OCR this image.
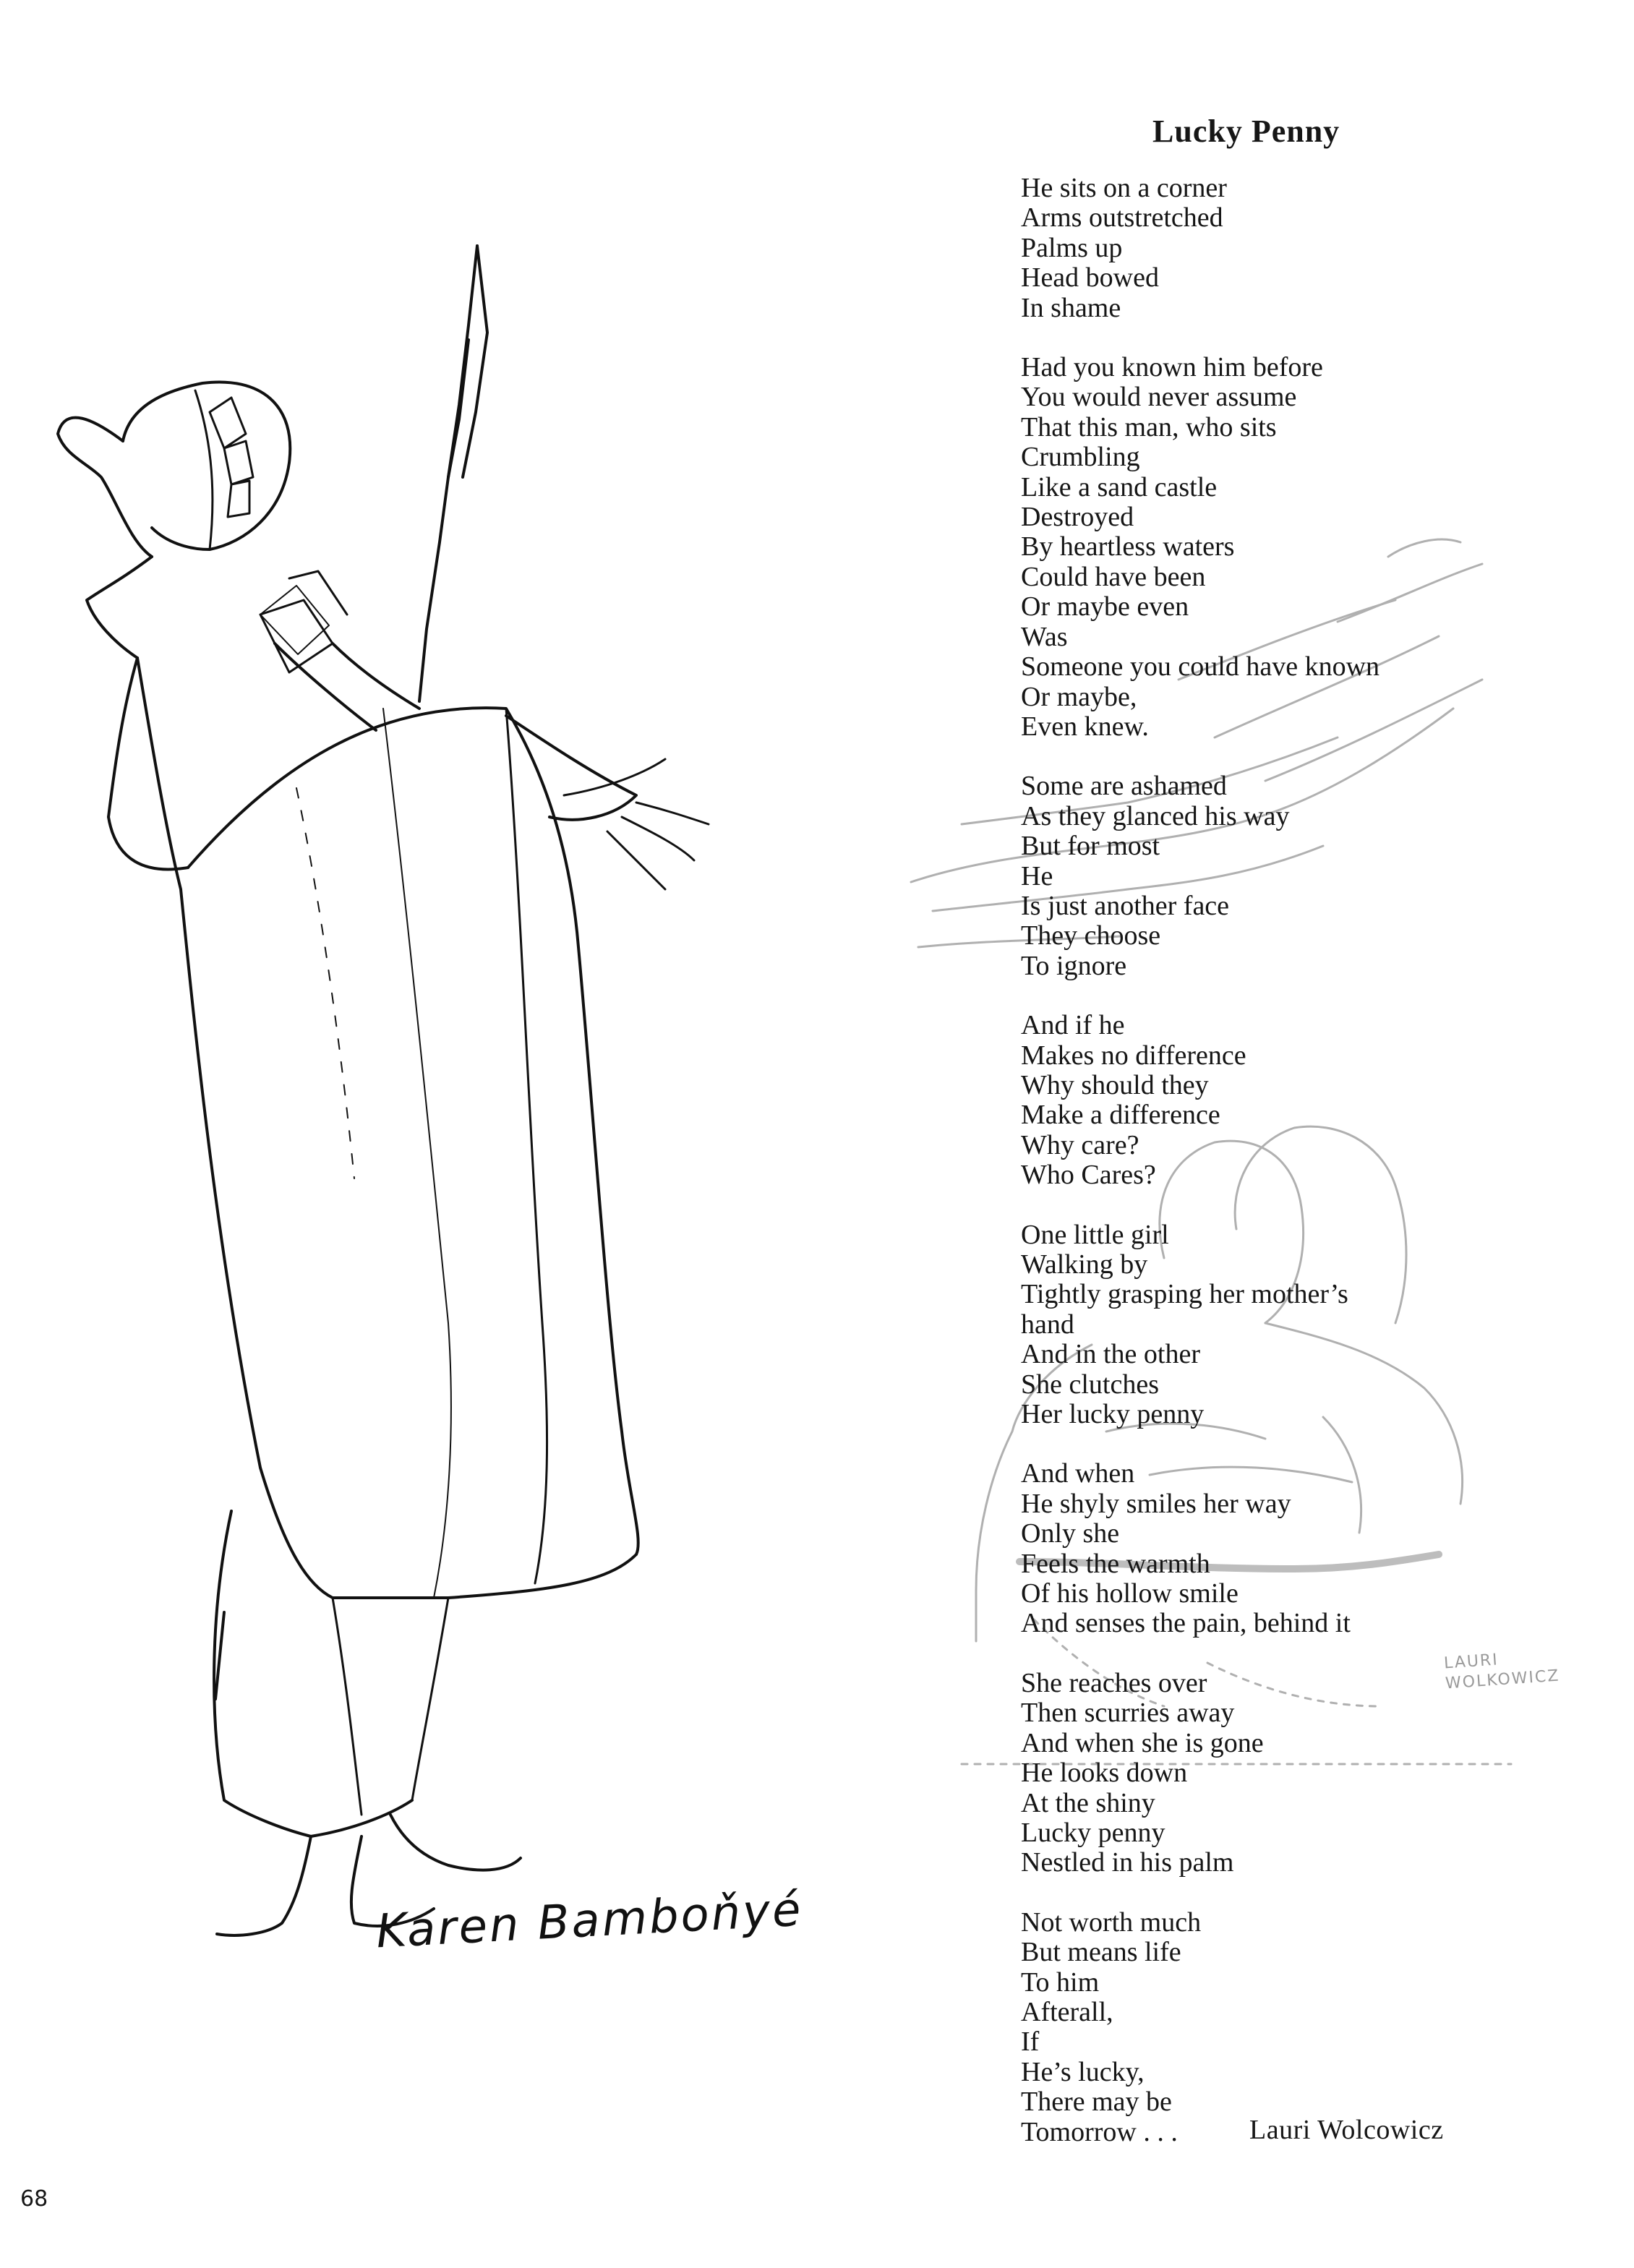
Karen Bamboňyé
LAURI
WOLKOWICZ
Lucky Penny
He sits on a corner
Arms outstretched
Palms up
Head bowed
In shame
Had you known him before
You would never assume
That this man, who sits
Crumbling
Like a sand castle
Destroyed
By heartless waters
Could have been
Or maybe even
Was
Someone you could have known
Or maybe,
Even knew.
Some are ashamed
As they glanced his way
But for most
He
Is just another face
They choose
To ignore
And if he
Makes no difference
Why should they
Make a difference
Why care?
Who Cares?
One little girl
Walking by
Tightly grasping her mother’s
hand
And in the other
She clutches
Her lucky penny
And when
He shyly smiles her way
Only she
Feels the warmth
Of his hollow smile
And senses the pain, behind it
She reaches over
Then scurries away
And when she is gone
He looks down
At the shiny
Lucky penny
Nestled in his palm
Not worth much
But means life
To him
Afterall,
If
He’s lucky,
There may be
Tomorrow . . .	Lauri Wolcowicz
68
